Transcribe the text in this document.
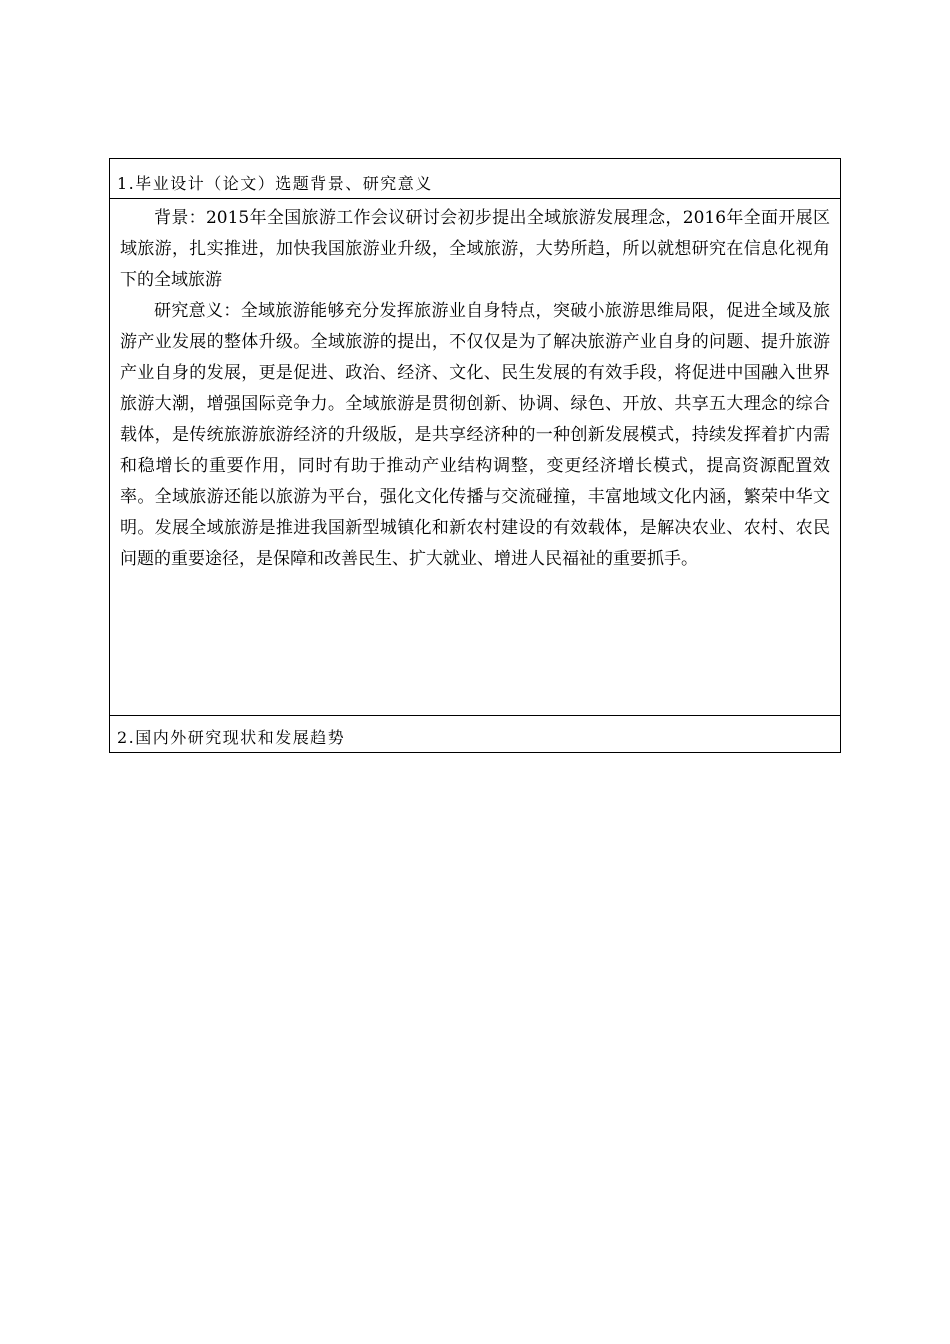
1.毕业设计（论文）选题背景、研究意义

背景：2015年全国旅游工作会议研讨会初步提出全域旅游发展理念，2016年全面开展区域旅游，扎实推进，加快我国旅游业升级，全域旅游，大势所趋，所以就想研究在信息化视角下的全域旅游

研究意义：全域旅游能够充分发挥旅游业自身特点，突破小旅游思维局限，促进全域及旅游产业发展的整体升级。全域旅游的提出，不仅仅是为了解决旅游产业自身的问题、提升旅游产业自身的发展，更是促进、政治、经济、文化、民生发展的有效手段，将促进中国融入世界旅游大潮，增强国际竞争力。全域旅游是贯彻创新、协调、绿色、开放、共享五大理念的综合载体，是传统旅游旅游经济的升级版，是共享经济种的一种创新发展模式，持续发挥着扩内需和稳增长的重要作用，同时有助于推动产业结构调整，变更经济增长模式，提高资源配置效率。全域旅游还能以旅游为平台，强化文化传播与交流碰撞，丰富地域文化内涵，繁荣中华文明。发展全域旅游是推进我国新型城镇化和新农村建设的有效载体，是解决农业、农村、农民问题的重要途径，是保障和改善民生、扩大就业、增进人民福祉的重要抓手。

2.国内外研究现状和发展趋势
